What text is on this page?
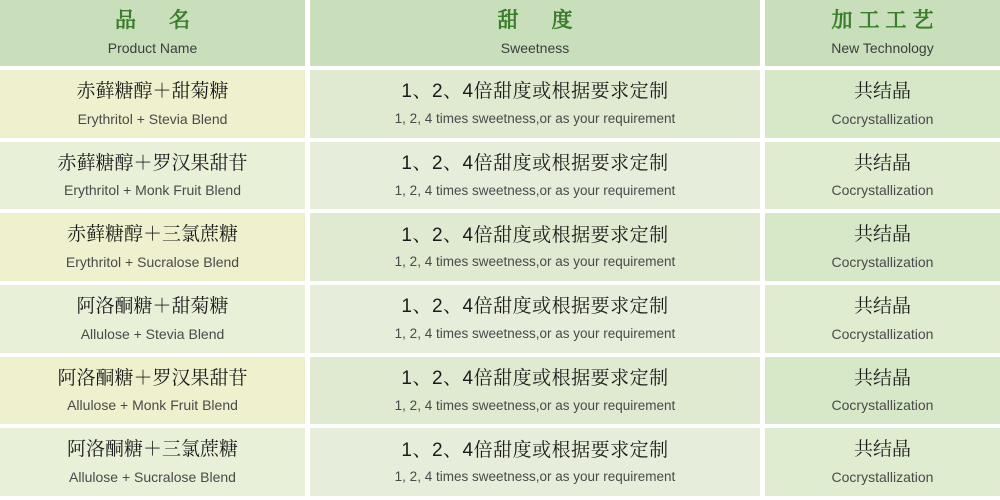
品　名
Product Name
甜　度
Sweetness
加工工艺
New Technology
赤藓糖醇＋甜菊糖
Erythritol + Stevia Blend
1、2、4倍甜度或根据要求定制
1, 2, 4 times sweetness,or as your requirement
共结晶
Cocrystallization
赤藓糖醇＋罗汉果甜苷
Erythritol + Monk Fruit Blend
1、2、4倍甜度或根据要求定制
1, 2, 4 times sweetness,or as your requirement
共结晶
Cocrystallization
赤藓糖醇＋三氯蔗糖
Erythritol + Sucralose Blend
1、2、4倍甜度或根据要求定制
1, 2, 4 times sweetness,or as your requirement
共结晶
Cocrystallization
阿洛酮糖＋甜菊糖
Allulose + Stevia Blend
1、2、4倍甜度或根据要求定制
1, 2, 4 times sweetness,or as your requirement
共结晶
Cocrystallization
阿洛酮糖＋罗汉果甜苷
Allulose + Monk Fruit Blend
1、2、4倍甜度或根据要求定制
1, 2, 4 times sweetness,or as your requirement
共结晶
Cocrystallization
阿洛酮糖＋三氯蔗糖
Allulose + Sucralose Blend
1、2、4倍甜度或根据要求定制
1, 2, 4 times sweetness,or as your requirement
共结晶
Cocrystallization
